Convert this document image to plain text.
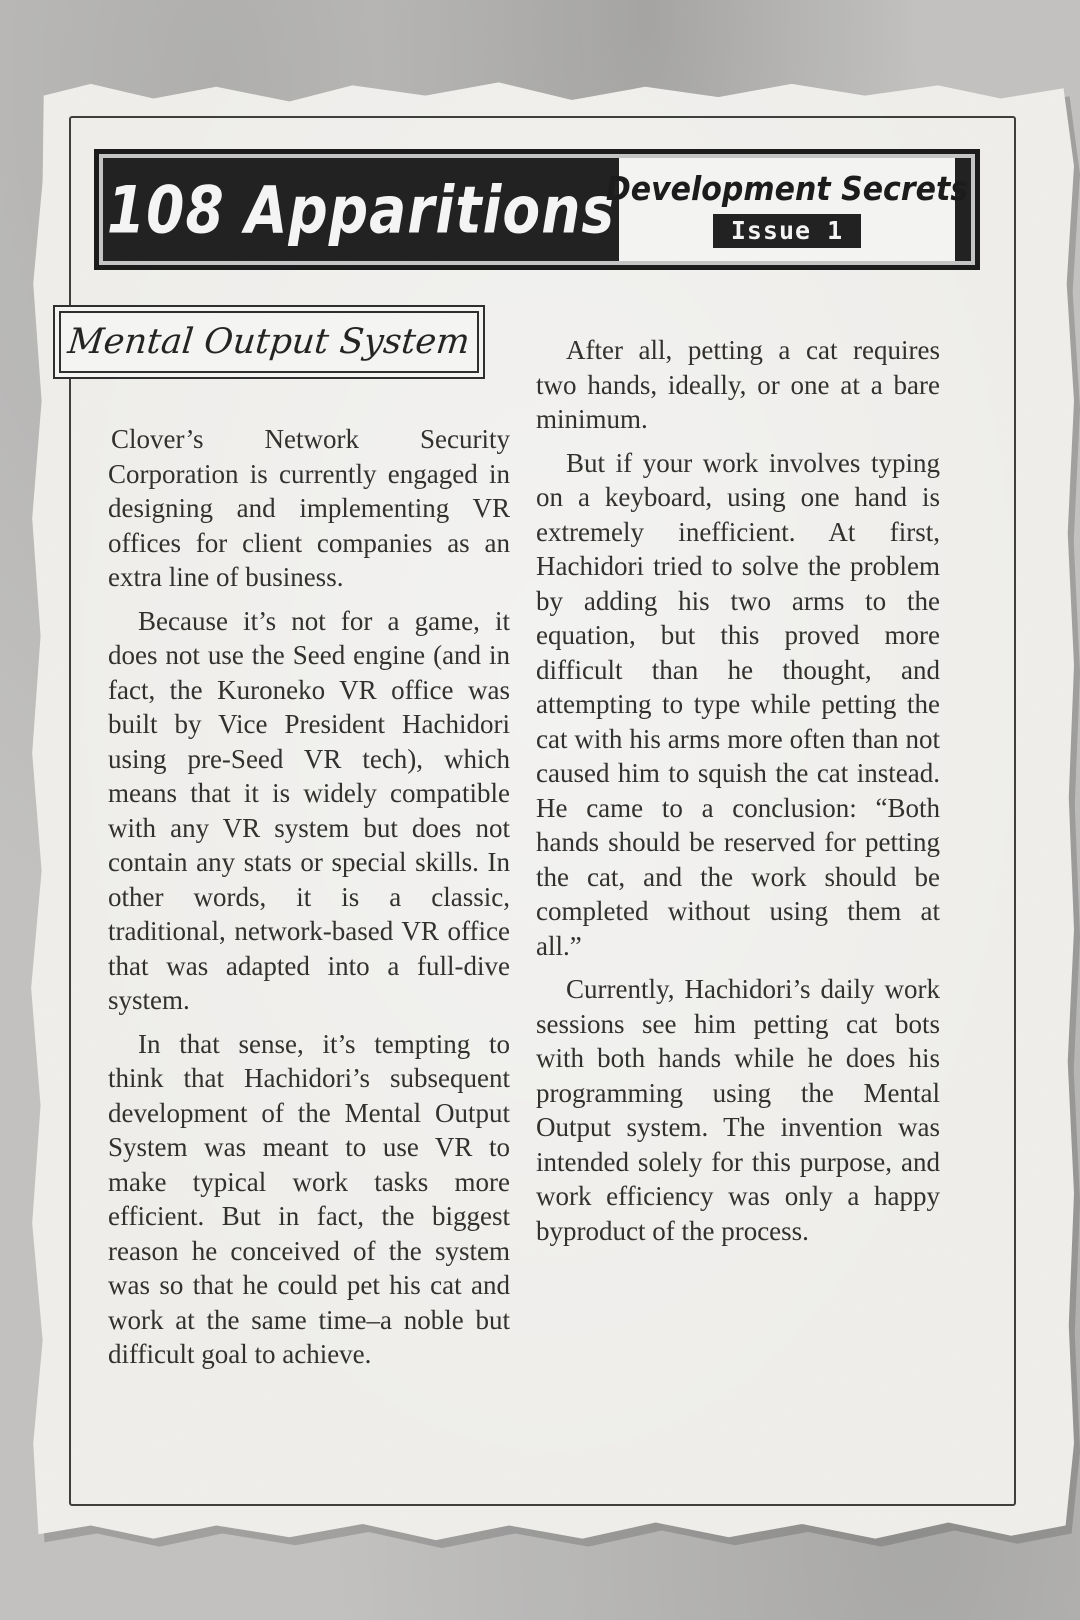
108 Apparitions
Development Secrets
Issue 1
Mental Output System

Clover’s Network Security Corporation is currently engaged in designing and implementing VR offices for client companies as an extra line of business.

Because it’s not for a game, it does not use the Seed engine (and in fact, the Kuroneko VR office was built by Vice President Hachidori using pre-Seed VR tech), which means that it is widely compatible with any VR system but does not contain any stats or special skills. In other words, it is a classic, traditional, network-based VR office that was adapted into a full-dive system.

In that sense, it’s tempting to think that Hachidori’s subsequent development of the Mental Output System was meant to use VR to make typical work tasks more efficient. But in fact, the biggest reason he conceived of the system was so that he could pet his cat and work at the same time–a noble but difficult goal to achieve.

After all, petting a cat requires two hands, ideally, or one at a bare minimum.

But if your work involves typing on a keyboard, using one hand is extremely inefficient. At first, Hachidori tried to solve the problem by adding his two arms to the equation, but this proved more difficult than he thought, and attempting to type while petting the cat with his arms more often than not caused him to squish the cat instead. He came to a conclusion: “Both hands should be reserved for petting the cat, and the work should be completed without using them at all.”

Currently, Hachidori’s daily work sessions see him petting cat bots with both hands while he does his programming using the Mental Output system. The invention was intended solely for this purpose, and work efficiency was only a happy byproduct of the process.
